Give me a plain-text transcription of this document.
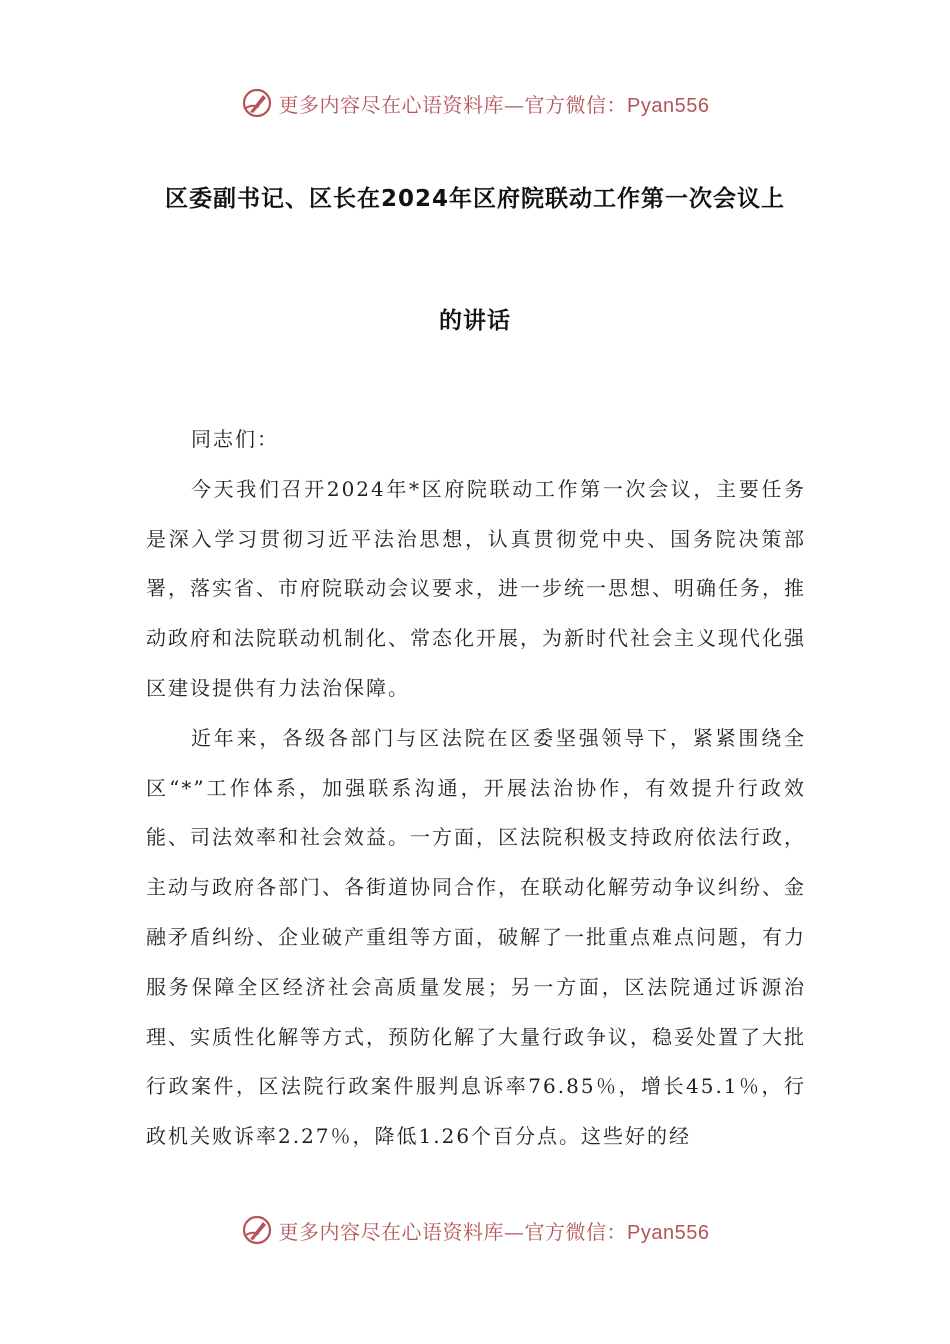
更多内容尽在心语资料库—官方微信：Pyan556
区委副书记、区长在2024年区府院联动工作第一次会议上
的讲话

同志们：

今天我们召开2024年*区府院联动工作第一次会议，主要任务是深入学习贯彻习近平法治思想，认真贯彻党中央、国务院决策部署，落实省、市府院联动会议要求，进一步统一思想、明确任务，推动政府和法院联动机制化、常态化开展，为新时代社会主义现代化强区建设提供有力法治保障。

近年来，各级各部门与区法院在区委坚强领导下，紧紧围绕全区“*”工作体系，加强联系沟通，开展法治协作，有效提升行政效能、司法效率和社会效益。一方面，区法院积极支持政府依法行政，主动与政府各部门、各街道协同合作，在联动化解劳动争议纠纷、金融矛盾纠纷、企业破产重组等方面，破解了一批重点难点问题，有力服务保障全区经济社会高质量发展；另一方面，区法院通过诉源治理、实质性化解等方式，预防化解了大量行政争议，稳妥处置了大批行政案件，区法院行政案件服判息诉率76.85％，增长45.1％，行政机关败诉率2.27％，降低1.26个百分点。这些好的经

更多内容尽在心语资料库—官方微信：Pyan556
